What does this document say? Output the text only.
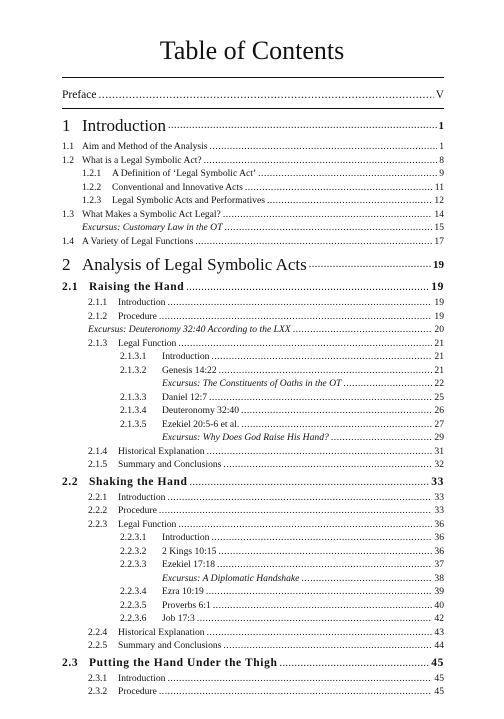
Table of Contents
Preface .....	V
1 Introduction .....	1
1.1 Aim and Method of the Analysis .....	1
1.2 What is a Legal Symbolic Act? .....	8
1.2.1	A Definition of ‘Legal Symbolic Act’ .....	9
1.2.2	Conventional and Innovative Acts .....	11
1.2.3	Legal Symbolic Acts and Performatives .....	12
1.3 What Makes a Symbolic Act Legal? .....	14
Excursus: Customary Law in the OT .....	15
1.4 A Variety of Legal Functions .....	17
2 Analysis of Legal Symbolic Acts .....	19
2.1 Raising the Hand .....	19
2.1.1	Introduction .....	19
2.1.2	Procedure .....	19
Excursus: Deuteronomy 32:40 According to the LXX .....	20
2.1.3	Legal Function .....	21
2.1.3.1	Introduction .....	21
2.1.3.2	Genesis 14:22 .....	21
Excursus: The Constituents of Oaths in the OT .....	22
2.1.3.3	Daniel 12:7 .....	25
2.1.3.4	Deuteronomy 32:40 .....	26
2.1.3.5	Ezekiel 20:5-6 et al. .....	27
Excursus: Why Does God Raise His Hand? .....	29
2.1.4	Historical Explanation .....	31
2.1.5	Summary and Conclusions .....	32
2.2 Shaking the Hand .....	33
2.2.1	Introduction .....	33
2.2.2	Procedure .....	33
2.2.3	Legal Function .....	36
2.2.3.1	Introduction .....	36
2.2.3.2	2 Kings 10:15 .....	36
2.2.3.3	Ezekiel 17:18 .....	37
Excursus: A Diplomatic Handshake .....	38
2.2.3.4	Ezra 10:19 .....	39
2.2.3.5	Proverbs 6:1 .....	40
2.2.3.6	Job 17:3 .....	42
2.2.4	Historical Explanation .....	43
2.2.5	Summary and Conclusions .....	44
2.3 Putting the Hand Under the Thigh .....	45
2.3.1	Introduction .....	45
2.3.2	Procedure .....	45
